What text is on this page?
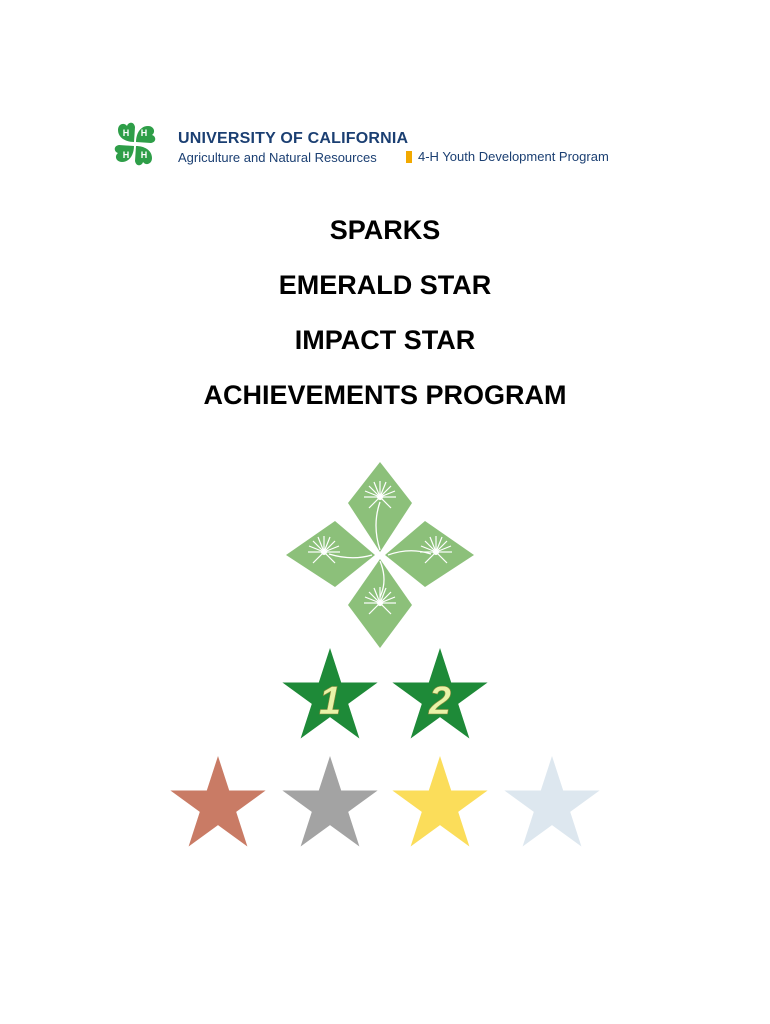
H H
H H
UNIVERSITY OF CALIFORNIA
Agriculture and Natural Resources	4-H Youth Development Program
SPARKS
EMERALD STAR
IMPACT STAR
ACHIEVEMENTS PROGRAM
1 2
